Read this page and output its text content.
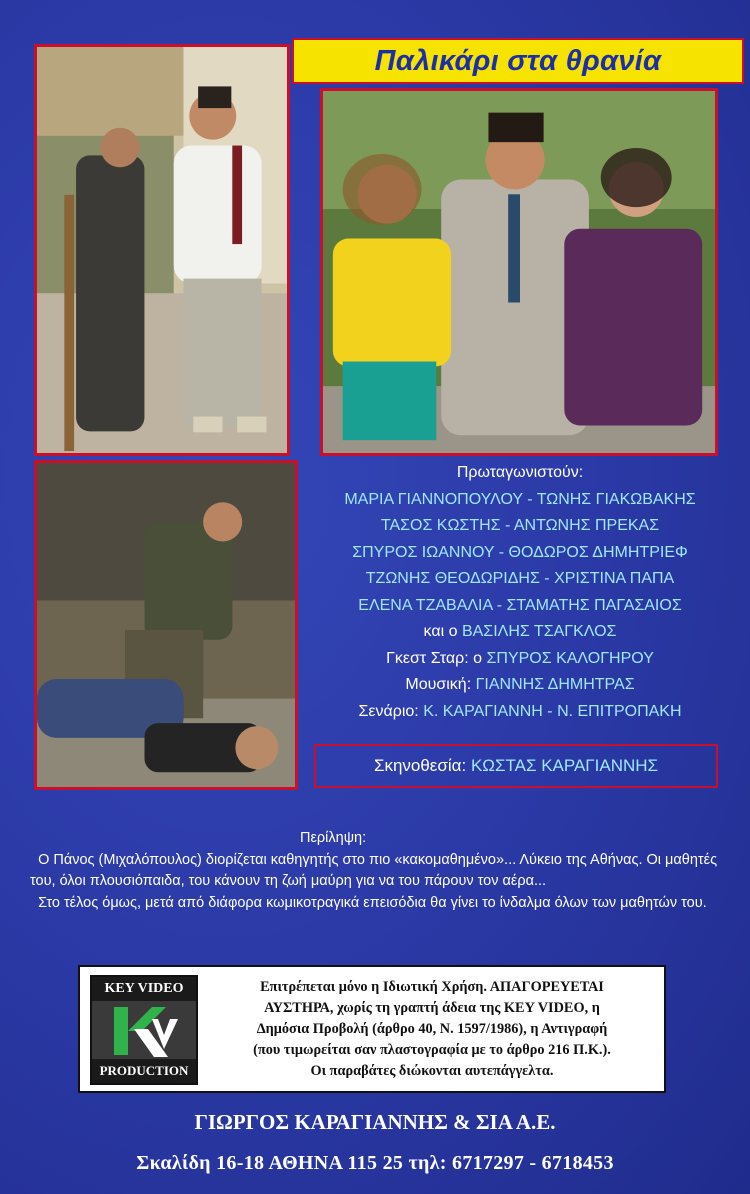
Παλικάρι στα θρανία
Πρωταγωνιστούν:
ΜΑΡΙΑ ΓΙΑΝΝΟΠΟΥΛΟΥ - ΤΩΝΗΣ ΓΙΑΚΩΒΑΚΗΣ
ΤΑΣΟΣ ΚΩΣΤΗΣ - ΑΝΤΩΝΗΣ ΠΡΕΚΑΣ
ΣΠΥΡΟΣ ΙΩΑΝΝΟΥ - ΘΟΔΩΡΟΣ ΔΗΜΗΤΡΙΕΦ
ΤΖΩΝΗΣ ΘΕΟΔΩΡΙΔΗΣ - ΧΡΙΣΤΙΝΑ ΠΑΠΑ
ΕΛΕΝΑ ΤΖΑΒΑΛΙΑ - ΣΤΑΜΑΤΗΣ ΠΑΓΑΣΑΙΟΣ
και ο ΒΑΣΙΛΗΣ ΤΣΑΓΚΛΟΣ
Γκεστ Σταρ: ο ΣΠΥΡΟΣ ΚΑΛΟΓΗΡΟΥ
Μουσική: ΓΙΑΝΝΗΣ ΔΗΜΗΤΡΑΣ
Σενάριο: Κ. ΚΑΡΑΓΙΑΝΝΗ - Ν. ΕΠΙΤΡΟΠΑΚΗ
Σκηνοθεσία:
ΚΩΣΤΑΣ ΚΑΡΑΓΙΑΝΝΗΣ
Περίληψη:

Ο Πάνος (Μιχαλόπουλος) διορίζεται καθηγητής στο πιο «κακομαθημένο»... Λύκειο της Αθήνας. Οι μαθητές του, όλοι πλουσιόπαιδα, του κάνουν τη ζωή μαύρη για να του πάρουν τον αέρα...

Στο τέλος όμως, μετά από διάφορα κωμικοτραγικά επεισόδια θα γίνει το ίνδαλμα όλων των μαθητών του.

KEY VIDEO
PRODUCTION
Επιτρέπεται μόνο η Ιδιωτική Χρήση. ΑΠΑΓΟΡΕΥΕΤΑΙ
ΑΥΣΤΗΡΑ, χωρίς τη γραπτή άδεια της KEY VIDEO, η
Δημόσια Προβολή (άρθρο 40, Ν. 1597/1986), η Αντιγραφή
(που τιμωρείται σαν πλαστογραφία με το άρθρο 216 Π.Κ.).
Οι παραβάτες διώκονται αυτεπάγγελτα.
ΓΙΩΡΓΟΣ ΚΑΡΑΓΙΑΝΝΗΣ & ΣΙΑ Α.Ε.
Σκαλίδη 16-18 ΑΘΗΝΑ 115 25 τηλ: 6717297 - 6718453
